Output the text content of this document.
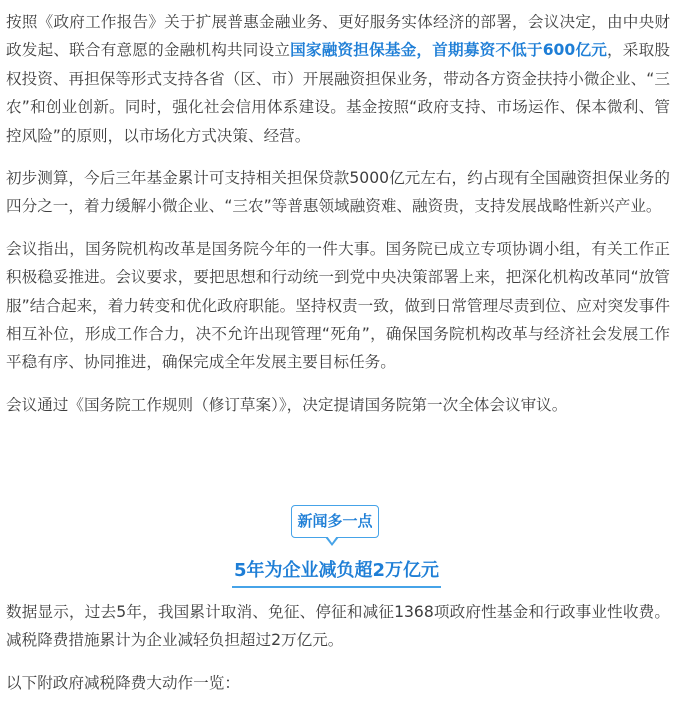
按照《政府工作报告》关于扩展普惠金融业务、更好服务实体经济的部署，会议决定，由中央财政发起、联合有意愿的金融机构共同设立国家融资担保基金，首期募资不低于600亿元，采取股权投资、再担保等形式支持各省（区、市）开展融资担保业务，带动各方资金扶持小微企业、“三农”和创业创新。同时，强化社会信用体系建设。基金按照“政府支持、市场运作、保本微利、管控风险”的原则，以市场化方式决策、经营。

初步测算，今后三年基金累计可支持相关担保贷款5000亿元左右，约占现有全国融资担保业务的四分之一，着力缓解小微企业、“三农”等普惠领域融资难、融资贵，支持发展战略性新兴产业。

会议指出，国务院机构改革是国务院今年的一件大事。国务院已成立专项协调小组，有关工作正积极稳妥推进。会议要求，要把思想和行动统一到党中央决策部署上来，把深化机构改革同“放管服”结合起来，着力转变和优化政府职能。坚持权责一致，做到日常管理尽责到位、应对突发事件相互补位，形成工作合力，决不允许出现管理“死角”，确保国务院机构改革与经济社会发展工作平稳有序、协同推进，确保完成全年发展主要目标任务。

会议通过《国务院工作规则（修订草案）》，决定提请国务院第一次全体会议审议。

新闻多一点
5年为企业减负超2万亿元

数据显示，过去5年，我国累计取消、免征、停征和减征1368项政府性基金和行政事业性收费。减税降费措施累计为企业减轻负担超过2万亿元。

以下附政府减税降费大动作一览：
